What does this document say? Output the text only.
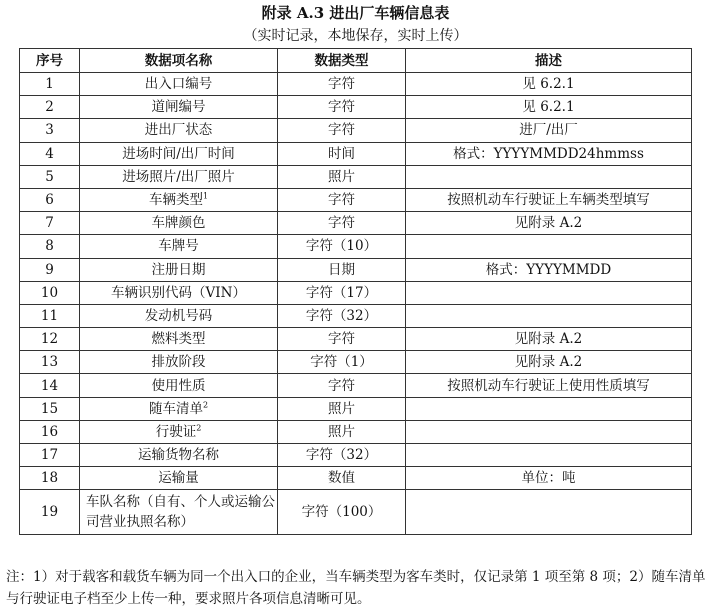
附录 A.3 进出厂车辆信息表
（实时记录，本地保存，实时上传）
序号	数据项名称	数据类型	描述
1	出入口编号	字符	见 6.2.1
2	道闸编号	字符	见 6.2.1
3	进出厂状态	字符	进厂/出厂
4	进场时间/出厂时间	时间	格式：YYYYMMDD24hmmss
5	进场照片/出厂照片	照片	
6	车辆类型$^1$	字符	按照机动车行驶证上车辆类型填写
7	车牌颜色	字符	见附录 A.2
8	车牌号	字符（10）	
9	注册日期	日期	格式：YYYYMMDD
10	车辆识别代码（VIN）	字符（17）	
11	发动机号码	字符（32）	
12	燃料类型	字符	见附录 A.2
13	排放阶段	字符（1）	见附录 A.2
14	使用性质	字符	按照机动车行驶证上使用性质填写
15	随车清单$^2$	照片	
16	行驶证$^2$	照片	
17	运输货物名称	字符（32）	
18	运输量	数值	单位：吨
19	车队名称（自有、个人或运输公司营业执照名称）	字符（100）	
注：1）对于载客和载货车辆为同一个出入口的企业，当车辆类型为客车类时，仅记录第 1 项至第 8 项；2）随车清单与行驶证电子档至少上传一种，要求照片各项信息清晰可见。
